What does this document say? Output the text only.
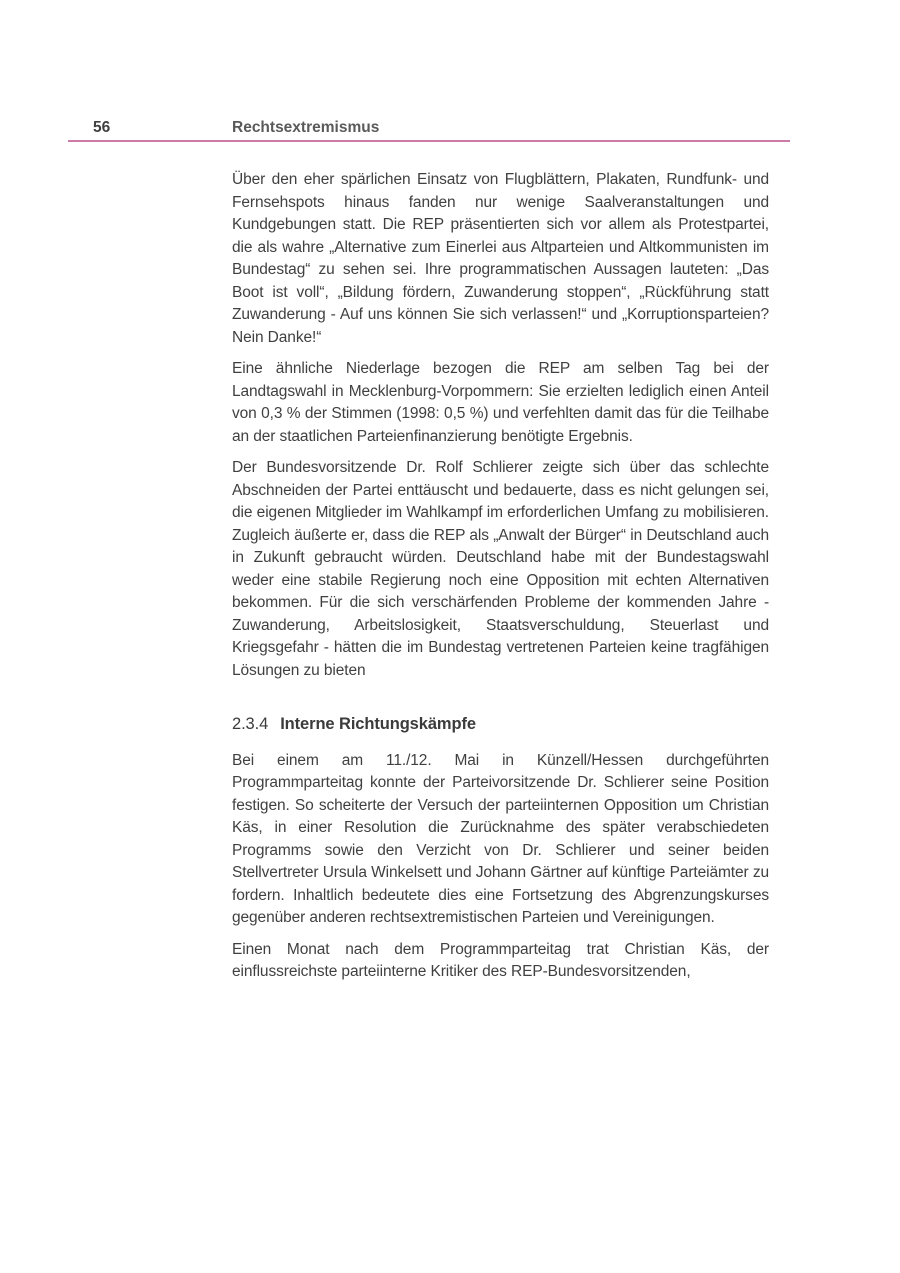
56	Rechtsextremismus

Über den eher spärlichen Einsatz von Flugblättern, Plakaten, Rundfunk- und Fernsehspots hinaus fanden nur wenige Saalveranstaltungen und Kundgebungen statt. Die REP präsentierten sich vor allem als Protestpartei, die als wahre „Alternative zum Einerlei aus Altparteien und Altkommunisten im Bundestag“ zu sehen sei. Ihre programmatischen Aussagen lauteten: „Das Boot ist voll“, „Bildung fördern, Zuwanderung stoppen“, „Rückführung statt Zuwanderung - Auf uns können Sie sich verlassen!“ und „Korruptionsparteien? Nein Danke!“

Eine ähnliche Niederlage bezogen die REP am selben Tag bei der Landtagswahl in Mecklenburg-Vorpommern: Sie erzielten lediglich einen Anteil von 0,3 % der Stimmen (1998: 0,5 %) und verfehlten damit das für die Teilhabe an der staatlichen Parteienfinanzierung benötigte Ergebnis.

Der Bundesvorsitzende Dr. Rolf Schlierer zeigte sich über das schlechte Abschneiden der Partei enttäuscht und bedauerte, dass es nicht gelungen sei, die eigenen Mitglieder im Wahlkampf im erforderlichen Umfang zu mobilisieren. Zugleich äußerte er, dass die REP als „Anwalt der Bürger“ in Deutschland auch in Zukunft gebraucht würden. Deutschland habe mit der Bundestagswahl weder eine stabile Regierung noch eine Opposition mit echten Alternativen bekommen. Für die sich verschärfenden Probleme der kommenden Jahre - Zuwanderung, Arbeitslosigkeit, Staatsverschuldung, Steuerlast und Kriegsgefahr - hätten die im Bundestag vertretenen Parteien keine tragfähigen Lösungen zu bieten

2.3.4 Interne Richtungskämpfe

Bei einem am 11./12. Mai in Künzell/Hessen durchgeführten Programmparteitag konnte der Parteivorsitzende Dr. Schlierer seine Position festigen. So scheiterte der Versuch der parteiinternen Opposition um Christian Käs, in einer Resolution die Zurücknahme des später verabschiedeten Programms sowie den Verzicht von Dr. Schlierer und seiner beiden Stellvertreter Ursula Winkelsett und Johann Gärtner auf künftige Parteiämter zu fordern. Inhaltlich bedeutete dies eine Fortsetzung des Abgrenzungskurses gegenüber anderen rechtsextremistischen Parteien und Vereinigungen.

Einen Monat nach dem Programmparteitag trat Christian Käs, der einflussreichste parteiinterne Kritiker des REP-Bundesvorsitzenden,
